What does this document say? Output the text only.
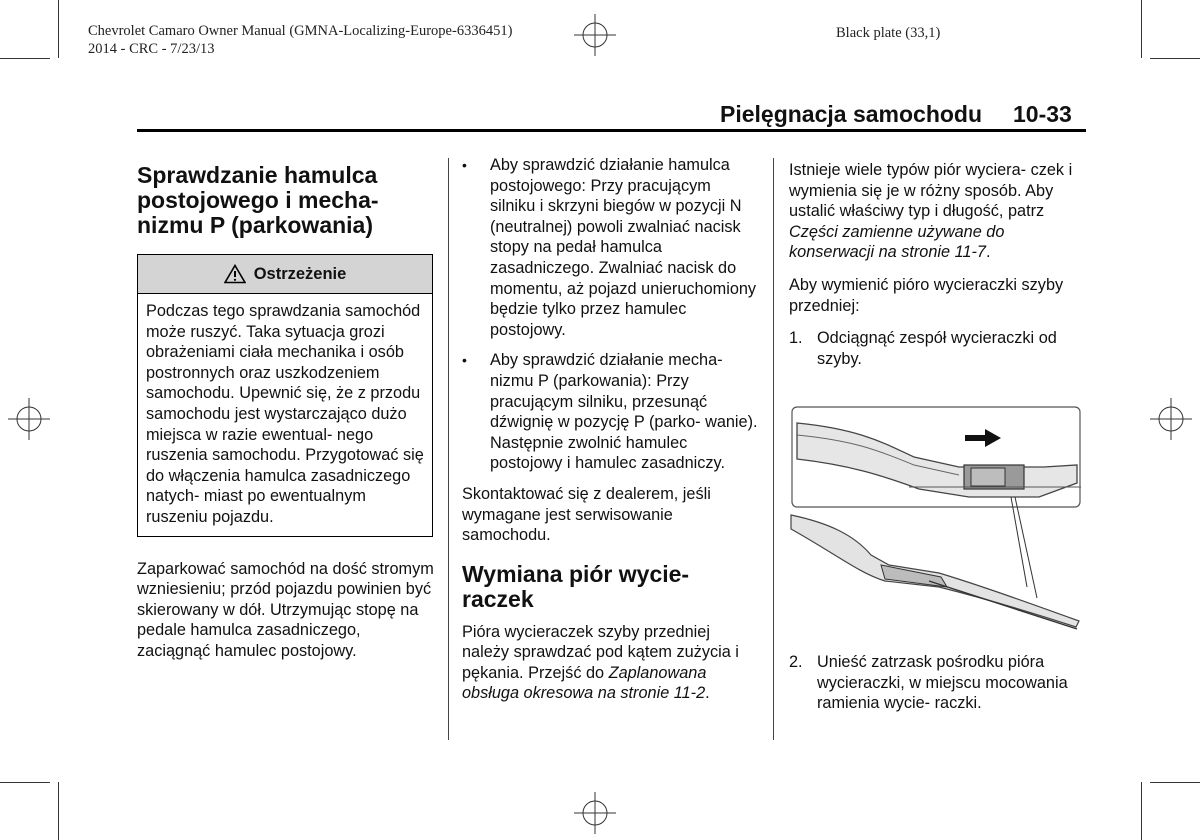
Chevrolet Camaro Owner Manual (GMNA-Localizing-Europe-6336451)
2014 - CRC - 7/23/13
Black plate (33,1)
Pielęgnacja samochodu 10-33
Sprawdzanie hamulca postojowego i mecha- nizmu P (parkowania)
Ostrzeżenie
Podczas tego sprawdzania samochód może ruszyć. Taka sytuacja grozi obrażeniami ciała mechanika i osób postronnych oraz uszkodzeniem samochodu. Upewnić się, że z przodu samochodu jest wystarczająco dużo miejsca w razie ewentual- nego ruszenia samochodu. Przygotować się do włączenia hamulca zasadniczego natych- miast po ewentualnym ruszeniu pojazdu.

Zaparkować samochód na dość stromym wzniesieniu; przód pojazdu powinien być skierowany w dół. Utrzymując stopę na pedale hamulca zasadniczego, zaciągnąć hamulec postojowy.

• Aby sprawdzić działanie hamulca postojowego: Przy pracującym silniku i skrzyni biegów w pozycji N (neutralnej) powoli zwalniać nacisk stopy na pedał hamulca zasadniczego. Zwalniać nacisk do momentu, aż pojazd unieruchomiony będzie tylko przez hamulec postojowy.
• Aby sprawdzić działanie mecha- nizmu P (parkowania): Przy pracującym silniku, przesunąć dźwignię w pozycję P (parko- wanie). Następnie zwolnić hamulec postojowy i hamulec zasadniczy.

Skontaktować się z dealerem, jeśli wymagane jest serwisowanie samochodu.

Wymiana piór wycie- raczek

Pióra wycieraczek szyby przedniej należy sprawdzać pod kątem zużycia i pękania. Przejść do Zaplanowana obsługa okresowa na stronie 11-2.

Istnieje wiele typów piór wyciera- czek i wymienia się je w różny sposób. Aby ustalić właściwy typ i długość, patrz Części zamienne używane do konserwacji na stronie 11-7.

Aby wymienić pióro wycieraczki szyby przedniej:

1. Odciągnąć zespół wycieraczki od szyby.
2. Unieść zatrzask pośrodku pióra wycieraczki, w miejscu mocowania ramienia wycie- raczki.
